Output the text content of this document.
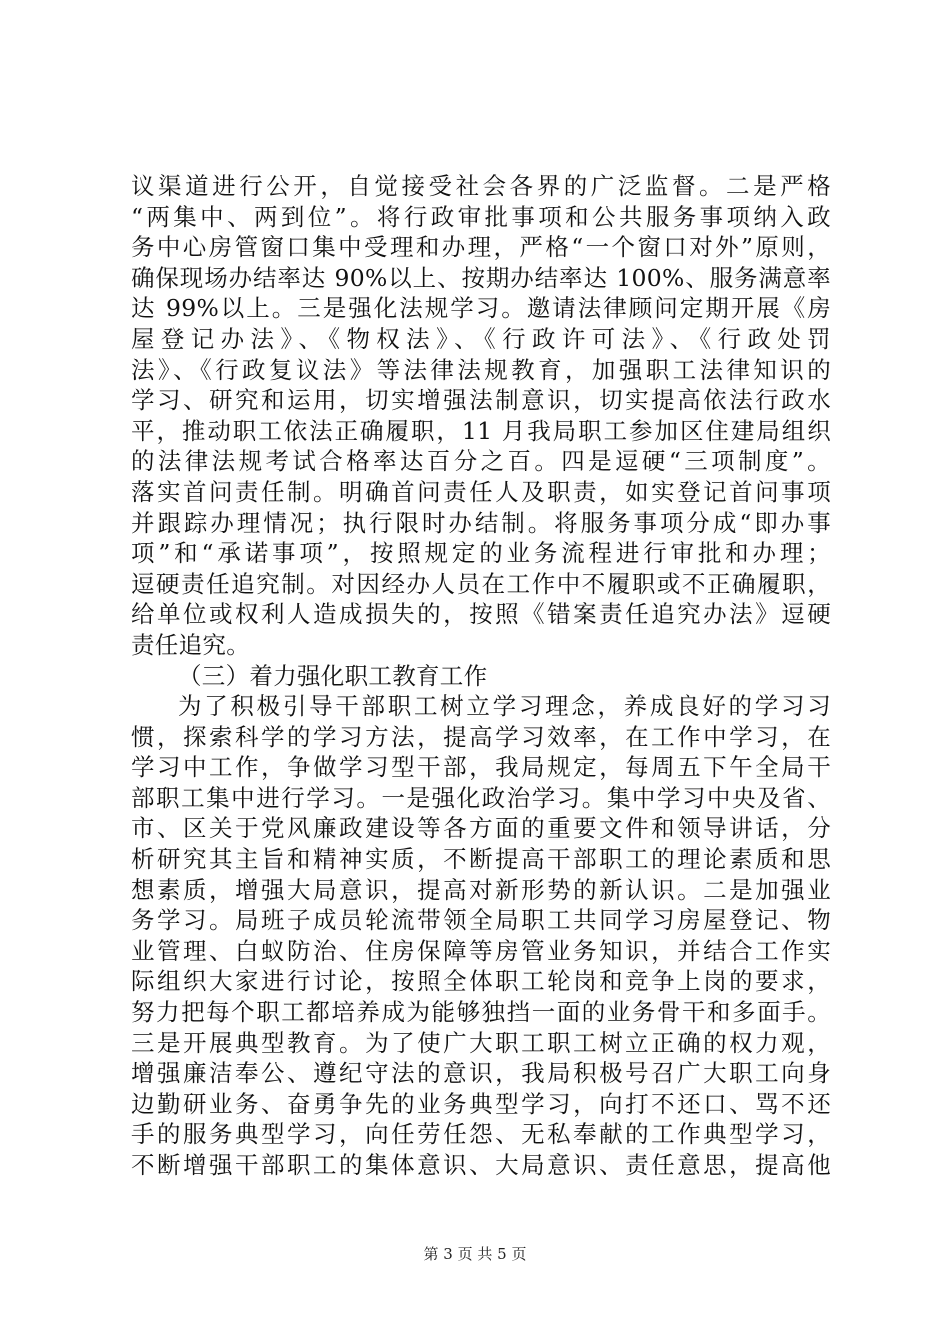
议渠道进行公开，自觉接受社会各界的广泛监督。二是严格
“两集中、两到位”。将行政审批事项和公共服务事项纳入政
务中心房管窗口集中受理和办理，严格“一个窗口对外”原则，
确保现场办结率达 90%以上、按期办结率达 100%、服务满意率
达 99%以上。三是强化法规学习。邀请法律顾问定期开展《房
屋登记办法》、《物权法》、《行政许可法》、《行政处罚
法》、《行政复议法》等法律法规教育，加强职工法律知识的
学习、研究和运用，切实增强法制意识，切实提高依法行政水
平，推动职工依法正确履职，11 月我局职工参加区住建局组织
的法律法规考试合格率达百分之百。四是逗硬“三项制度”。
落实首问责任制。明确首问责任人及职责，如实登记首问事项
并跟踪办理情况；执行限时办结制。将服务事项分成“即办事
项”和“承诺事项”，按照规定的业务流程进行审批和办理；
逗硬责任追究制。对因经办人员在工作中不履职或不正确履职，
给单位或权利人造成损失的，按照《错案责任追究办法》逗硬
责任追究。
（三）着力强化职工教育工作
为了积极引导干部职工树立学习理念，养成良好的学习习
惯，探索科学的学习方法，提高学习效率，在工作中学习，在
学习中工作，争做学习型干部，我局规定，每周五下午全局干
部职工集中进行学习。一是强化政治学习。集中学习中央及省、
市、区关于党风廉政建设等各方面的重要文件和领导讲话，分
析研究其主旨和精神实质，不断提高干部职工的理论素质和思
想素质，增强大局意识，提高对新形势的新认识。二是加强业
务学习。局班子成员轮流带领全局职工共同学习房屋登记、物
业管理、白蚁防治、住房保障等房管业务知识，并结合工作实
际组织大家进行讨论，按照全体职工轮岗和竞争上岗的要求，
努力把每个职工都培养成为能够独挡一面的业务骨干和多面手。
三是开展典型教育。为了使广大职工职工树立正确的权力观，
增强廉洁奉公、遵纪守法的意识，我局积极号召广大职工向身
边勤研业务、奋勇争先的业务典型学习，向打不还口、骂不还
手的服务典型学习，向任劳任怨、无私奉献的工作典型学习，
不断增强干部职工的集体意识、大局意识、责任意思，提高他
第 3 页 共 5 页
